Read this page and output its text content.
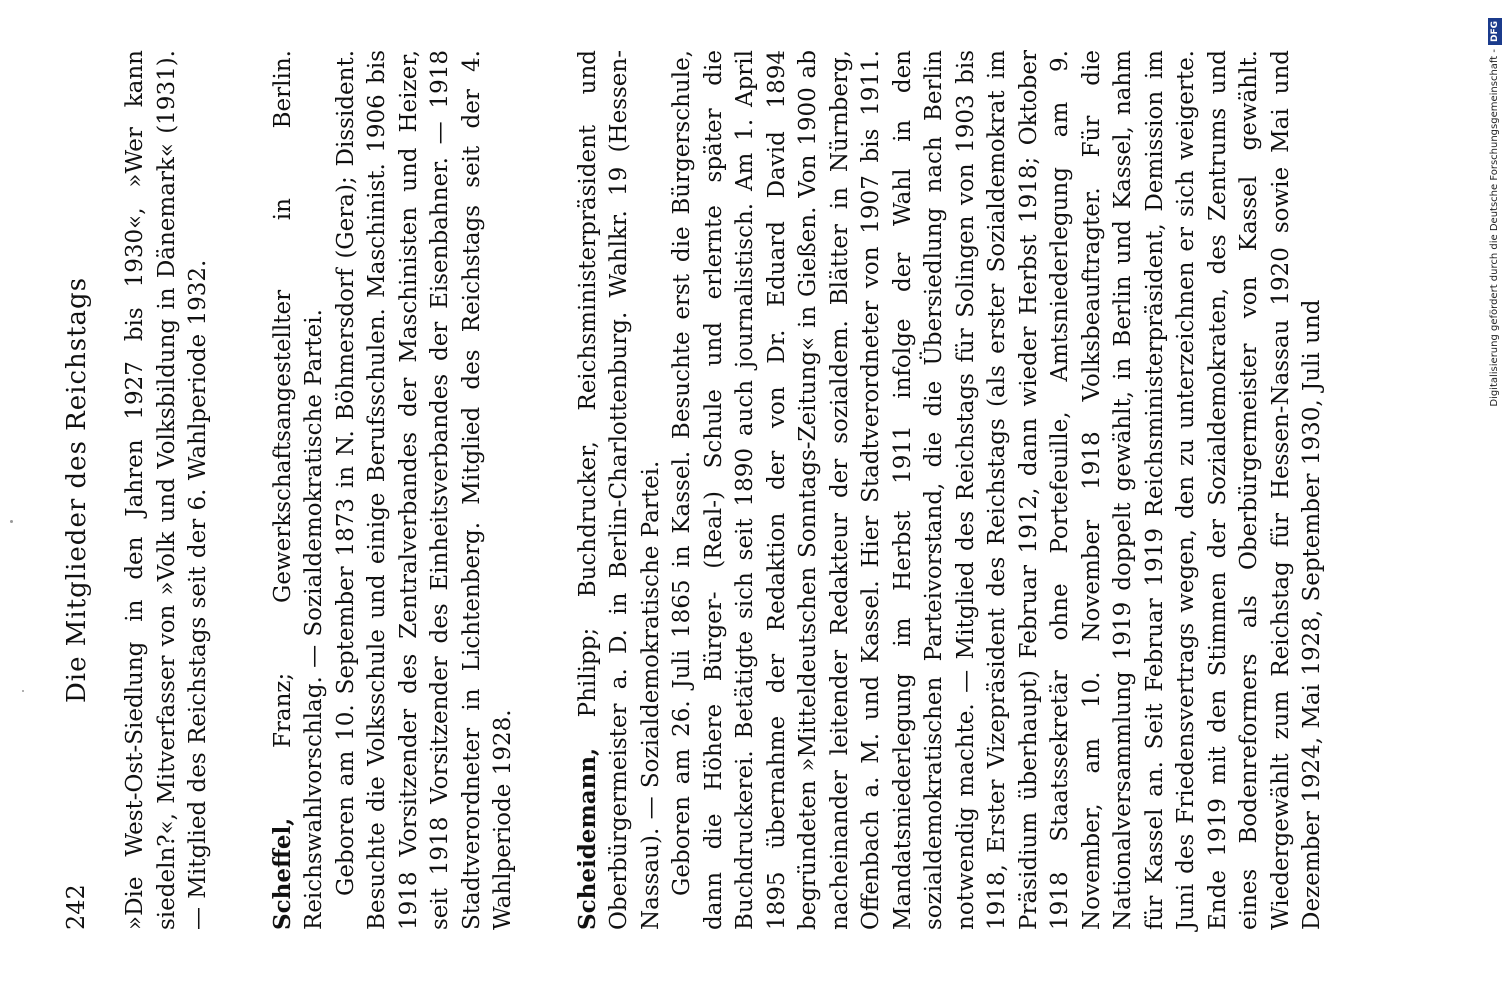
242
Die Mitglieder des Reichstags »Die West-Ost-Siedlung in den Jahren 1927 bis 1930«, »Wer kann siedeln?«, Mitverfasser von »Volk und Volksbildung in Dänemark« (1931). — Mitglied des Reichstags seit der 6. Wahlperiode 1932.	Scheffel, Franz; Gewerkschaftsangestellter in Berlin. Reichswahlvorschlag. — Sozialdemokratische Partei. Geboren am 10. September 1873 in N. Böhmersdorf (Gera); Dissident. Besuchte die Volksschule und einige Berufsschulen. Maschinist. 1906 bis 1918 Vorsitzender des Zentralverbandes der Maschinisten und Heizer, seit 1918 Vorsitzender des Einheitsverbandes der Eisenbahner. — 1918 Stadtverordneter in Lichtenberg. Mitglied des Reichstags seit der 4. Wahlperiode 1928.	Scheidemann, Philipp; Buchdrucker, Reichsministerpräsident und Oberbürgermeister a. D. in Berlin-Charlottenburg. Wahlkr. 19 (Hessen-Nassau). — Sozialdemokratische Partei. Geboren am 26. Juli 1865 in Kassel. Besuchte erst die Bürgerschule, dann die Höhere Bürger- (Real-) Schule und erlernte später die Buchdruckerei. Betätigte sich seit 1890 auch journalistisch. Am 1. April 1895 übernahme der Redaktion der von Dr. Eduard David 1894 begründeten »Mitteldeutschen Sonntags-Zeitung« in Gießen. Von 1900 ab nacheinander leitender Redakteur der sozialdem. Blätter in Nürnberg, Offenbach a. M. und Kassel. Hier Stadtverordneter von 1907 bis 1911. Mandatsniederlegung im Herbst 1911 infolge der Wahl in den sozialdemokratischen Parteivorstand, die die Übersiedlung nach Berlin notwendig machte. — Mitglied des Reichstags für Solingen von 1903 bis 1918, Erster Vizepräsident des Reichstags (als erster Sozialdemokrat im Präsidium überhaupt) Februar 1912, dann wieder Herbst 1918; Oktober 1918 Staatssekretär ohne Portefeuille, Amtsniederlegung am 9. November, am 10. November 1918 Volksbeauftragter. Für die Nationalversammlung 1919 doppelt gewählt, in Berlin und Kassel, nahm für Kassel an. Seit Februar 1919 Reichsministerpräsident, Demission im Juni des Friedensvertrags wegen, den zu unterzeichnen er sich weigerte. Ende 1919 mit den Stimmen der Sozialdemokraten, des Zentrums und eines Bodenreformers als Oberbürgermeister von Kassel gewählt. Wiedergewählt zum Reichstag für Hessen-Nassau 1920 sowie Mai und Dezember 1924, Mai 1928, September 1930, Juli und

Digitalisierung gefördert durch die Deutsche Forschungsgemeinschaft -DFG
